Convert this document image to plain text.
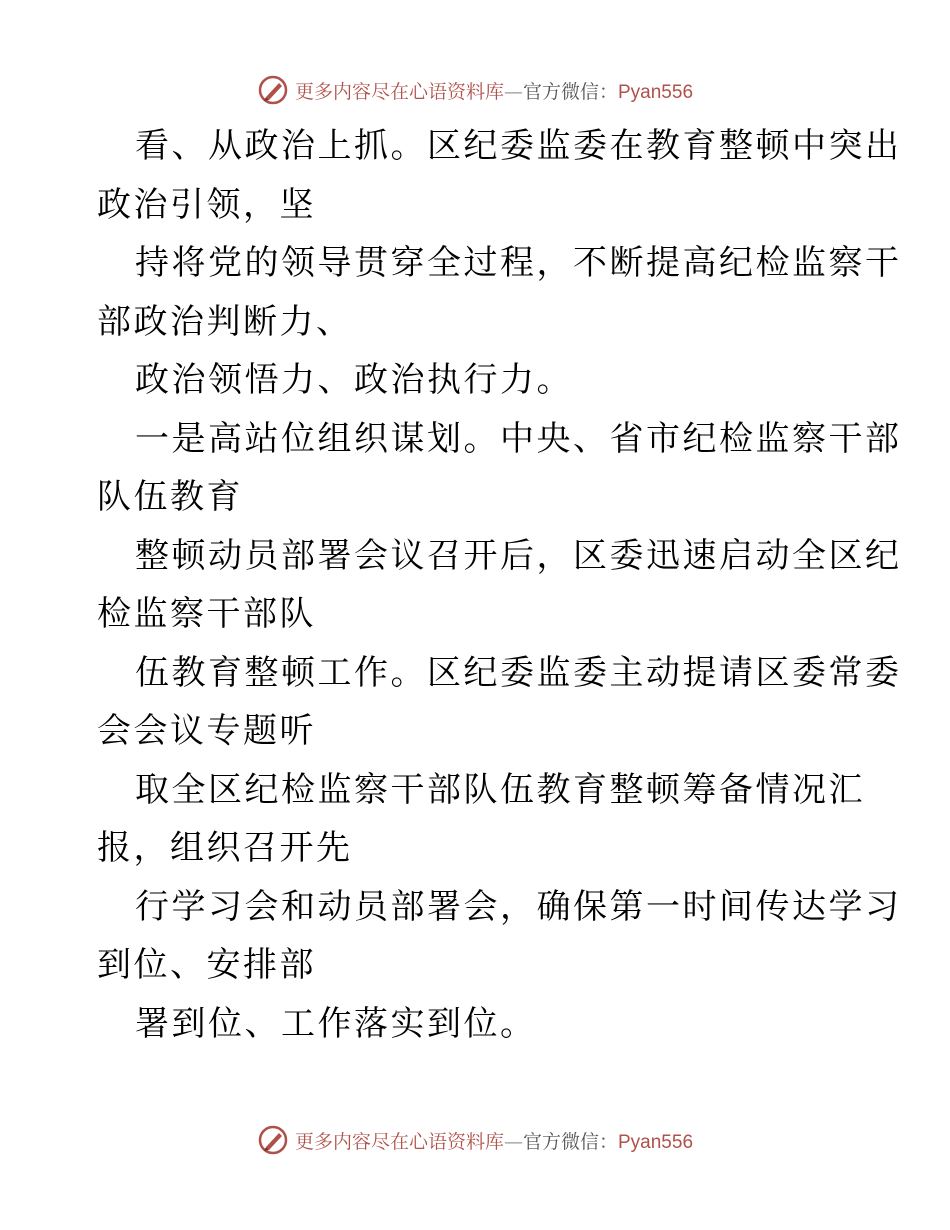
更多内容尽在心语资料库—官方微信：Pyan556
看、从政治上抓。区纪委监委在教育整顿中突出
政治引领，坚
持将党的领导贯穿全过程，不断提高纪检监察干
部政治判断力、
政治领悟力、政治执行力。
一是高站位组织谋划。中央、省市纪检监察干部
队伍教育
整顿动员部署会议召开后，区委迅速启动全区纪
检监察干部队
伍教育整顿工作。区纪委监委主动提请区委常委
会会议专题听
取全区纪检监察干部队伍教育整顿筹备情况汇
报，组织召开先
行学习会和动员部署会，确保第一时间传达学习
到位、安排部
署到位、工作落实到位。
更多内容尽在心语资料库—官方微信：Pyan556
